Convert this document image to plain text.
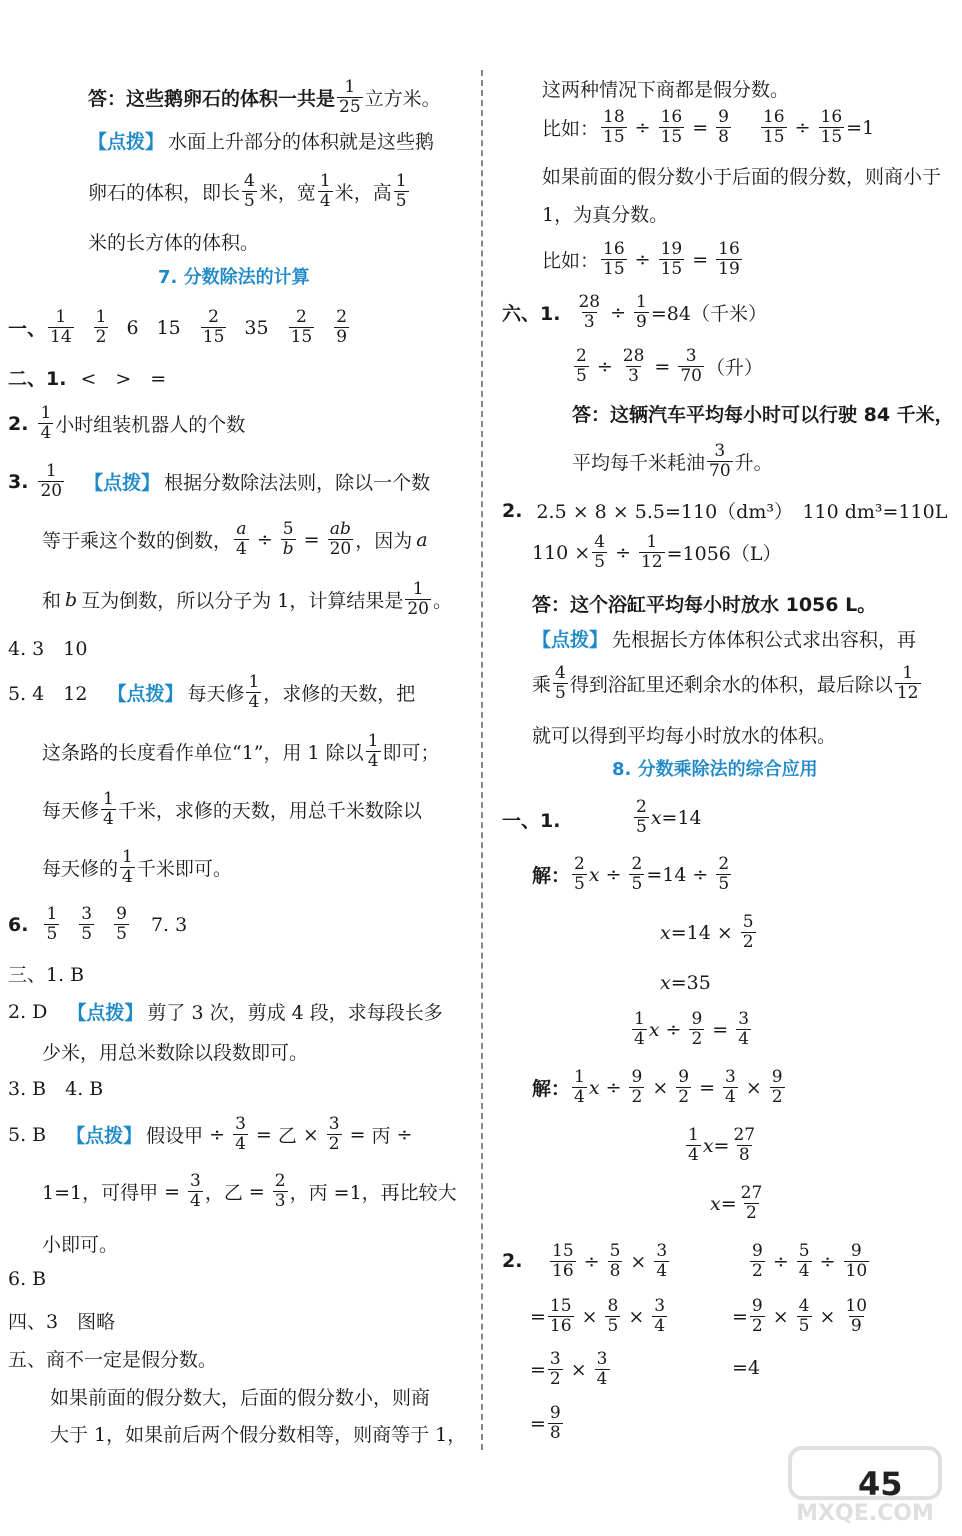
答：这些鹅卵石的体积一共是
1
25 立方米。
【点拨】 水面上升部分的体积就是这些鹅
卵石的体积，即长
4
5 米，宽
1
4 米，高
1
5
米的长方体的体积。
7. 分数除法的计算
一、
1
14
1
2 6 15 2
15 35 2
15
2
9
二、1. <　>　=
2. 1
4 小时组装机器人的个数
3. 1
20 【点拨】 根据分数除法法则，除以一个数
等于乘这个数的倒数， $\frac{a}{4} \div \frac{5}{b} = \frac{ab}{20}$ ，因为 a
和 b 互为倒数，所以分子为 1，计算结果是
1
20 。
4. 3　10
5. 4　12 【点拨】 每天修
1
4 ，求修的天数，把
这条路的长度看作单位“1”，用 1 除以
1
4 即可；
每天修
1
4 千米，求修的天数，用总千米数除以
每天修的
1
4 千米即可。
6. 1
5
3
5
9
5 7. 3
三、1. B
2. D 【点拨】 剪了 3 次，剪成 4 段，求每段长多
少米，用总米数除以段数即可。
3. B　4. B
5. B 【点拨】 假设甲 ÷ $\frac{3}{4}$ = 乙 × $\frac{3}{2}$ = 丙 ÷
1=1，可得甲 = $\frac{3}{4}$ ，乙 = $\frac{2}{3}$ ，丙 =1，再比较大
小即可。
6. B
四、3　图略
五、商不一定是假分数。
如果前面的假分数大，后面的假分数小，则商
大于 1，如果前后两个假分数相等，则商等于 1，
这两种情况下商都是假分数。
比如： $\frac{18}{15} \div \frac{16}{15} = \frac{9}{8} \frac{16}{15} \div \frac{16}{15} =1$
如果前面的假分数小于后面的假分数，则商小于
1，为真分数。
比如： $\frac{16}{15} \div \frac{19}{15} = \frac{16}{19}$
六、1. $\frac{28}{3} \div \frac{1}{9} =84$（千米）
$\frac{2}{5} \div \frac{28}{3} = \frac{3}{70}$ （升）
答：这辆汽车平均每小时可以行驶 84 千米，
平均每千米耗油
3
70 升。
2. 2.5 × 8 × 5.5=110（dm³）　110 dm³=110L
$110 \times \frac{4}{5} \div \frac{1}{12} =1056(L)$
答：这个浴缸平均每小时放水 1056 L。
【点拨】 先根据长方体体积公式求出容积，再
乘
4
5 得到浴缸里还剩余水的体积，最后除以
1
12
就可以得到平均每小时放水的体积。
8. 分数乘除法的综合应用
一、1.
2
5 x =14
解：
2
5 $x \div \frac{2}{5} =14 \div \frac{2}{5}$
$x =14 \times \frac{5}{2}$
x =35
1
4 $x \div \frac{9}{2} = \frac{3}{4}$
解：
1
4 $x \div \frac{9}{2} \times \frac{9}{2} = \frac{3}{4} \times \frac{9}{2}$
1
4 $x = \frac{27}{8}$
$x = \frac{27}{2}$
2. $\frac{15}{16} \div \frac{5}{8} \times \frac{3}{4}$
= $\frac{15}{16} \times \frac{8}{5} \times \frac{3}{4}$
= $\frac{3}{2} \times \frac{3}{4}$
= $\frac{9}{8}$
$\frac{9}{2} \div \frac{5}{4} \div \frac{9}{10}$
= $\frac{9}{2} \times \frac{4}{5} \times \frac{10}{9}$
=4
45
MXQE.COM
